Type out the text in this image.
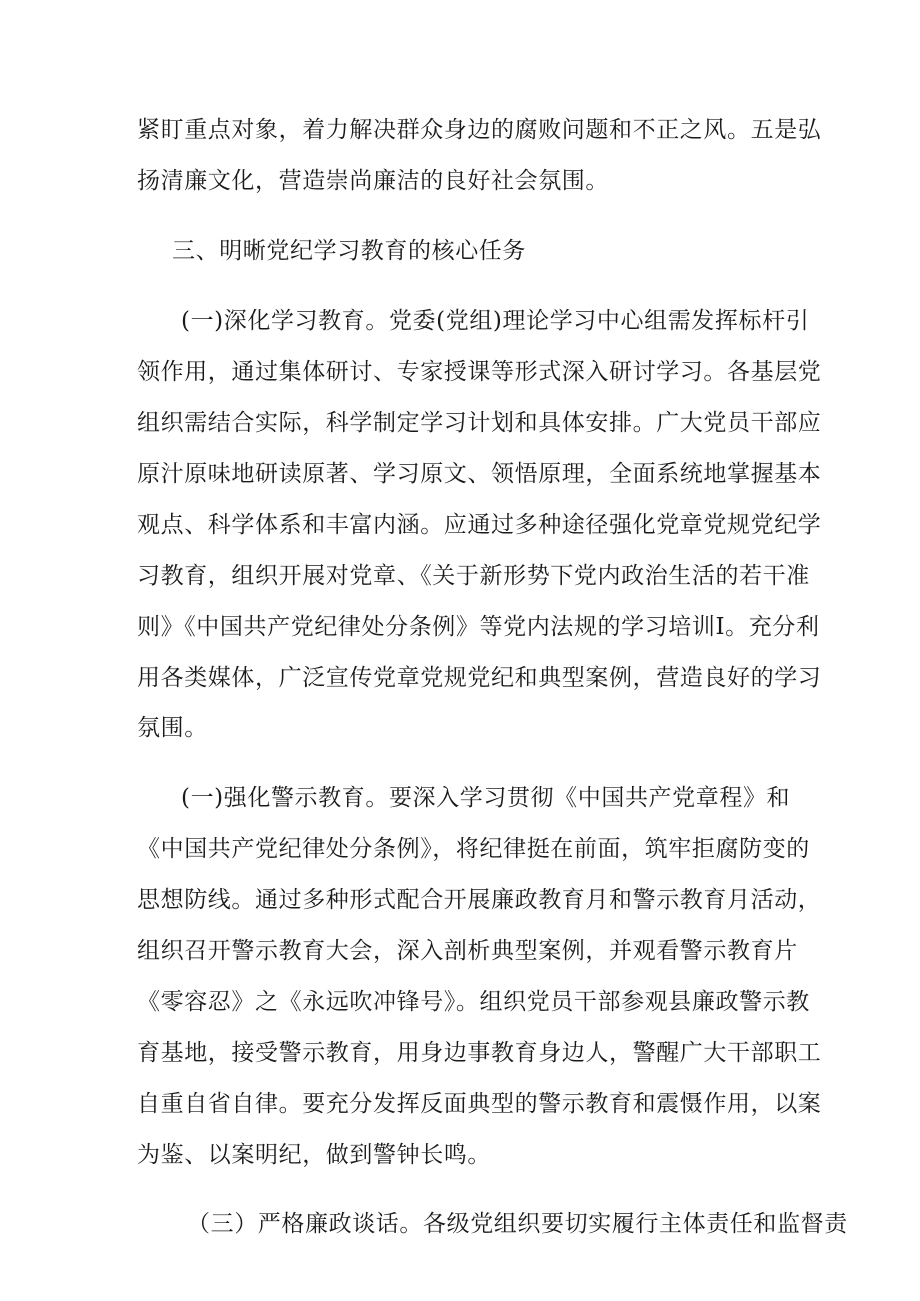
紧盯重点对象，着力解决群众身边的腐败问题和不正之风。五是弘
扬清廉文化，营造崇尚廉洁的良好社会氛围。
三、明晰党纪学习教育的核心任务
(一)深化学习教育。党委(党组)理论学习中心组需发挥标杆引
领作用，通过集体研讨、专家授课等形式深入研讨学习。各基层党
组织需结合实际，科学制定学习计划和具体安排。广大党员干部应
原汁原味地研读原著、学习原文、领悟原理，全面系统地掌握基本
观点、科学体系和丰富内涵。应通过多种途径强化党章党规党纪学
习教育，组织开展对党章、《关于新形势下党内政治生活的若干准
则》《中国共产党纪律处分条例》等党内法规的学习培训I。充分利
用各类媒体，广泛宣传党章党规党纪和典型案例，营造良好的学习
氛围。
(一)强化警示教育。要深入学习贯彻《中国共产党章程》和
《中国共产党纪律处分条例》，将纪律挺在前面，筑牢拒腐防变的
思想防线。通过多种形式配合开展廉政教育月和警示教育月活动，
组织召开警示教育大会，深入剖析典型案例，并观看警示教育片
《零容忍》之《永远吹冲锋号》。组织党员干部参观县廉政警示教
育基地，接受警示教育，用身边事教育身边人，警醒广大干部职工
自重自省自律。要充分发挥反面典型的警示教育和震慑作用，以案
为鉴、以案明纪，做到警钟长鸣。
（三）严格廉政谈话。各级党组织要切实履行主体责任和监督责
